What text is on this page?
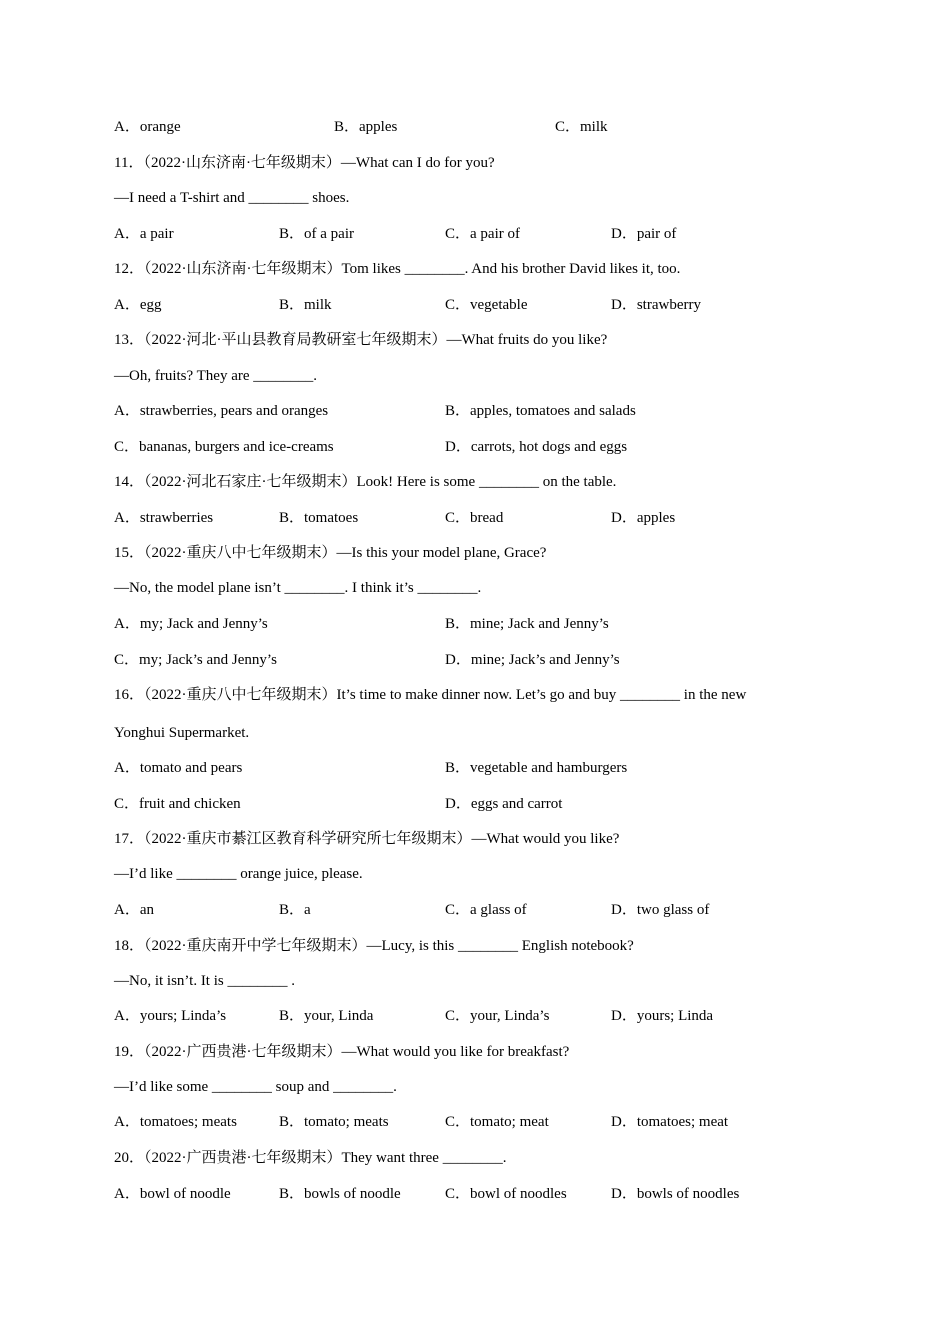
A．orange	B．apples	C．milk
11．（2022·山东济南·七年级期末）—What can I do for you?
—I need a T-shirt and ________ shoes.
A．a pair	B．of a pair	C．a pair of	D．pair of
12．（2022·山东济南·七年级期末）Tom likes ________. And his brother David likes it, too.
A．egg	B．milk	C．vegetable	D．strawberry
13．（2022·河北·平山县教育局教研室七年级期末）—What fruits do you like?
—Oh, fruits? They are ________.
A．strawberries, pears and oranges	B．apples, tomatoes and salads
C．bananas, burgers and ice-creams	D．carrots, hot dogs and eggs
14．（2022·河北石家庄·七年级期末）Look! Here is some ________ on the table.
A．strawberries	B．tomatoes	C．bread	D．apples
15．（2022·重庆八中七年级期末）—Is this your model plane, Grace?
—No, the model plane isn’t ________. I think it’s ________.
A．my; Jack and Jenny’s	B．mine; Jack and Jenny’s
C．my; Jack’s and Jenny’s	D．mine; Jack’s and Jenny’s
16．（2022·重庆八中七年级期末）It’s time to make dinner now. Let’s go and buy ________ in the new
Yonghui Supermarket.
A．tomato and pears	B．vegetable and hamburgers
C．fruit and chicken	D．eggs and carrot
17．（2022·重庆市綦江区教育科学研究所七年级期末）—What would you like?
—I’d like ________ orange juice, please.
A．an	B．a	C．a glass of	D．two glass of
18．（2022·重庆南开中学七年级期末）—Lucy, is this ________ English notebook?
—No, it isn’t. It is ________ .
A．yours; Linda’s	B．your, Linda	C．your, Linda’s	D．yours; Linda
19．（2022·广西贵港·七年级期末）—What would you like for breakfast?
—I’d like some ________ soup and ________.
A．tomatoes; meats	B．tomato; meats	C．tomato; meat	D．tomatoes; meat
20．（2022·广西贵港·七年级期末）They want three ________.
A．bowl of noodle	B．bowls of noodle	C．bowl of noodles	D．bowls of noodles
